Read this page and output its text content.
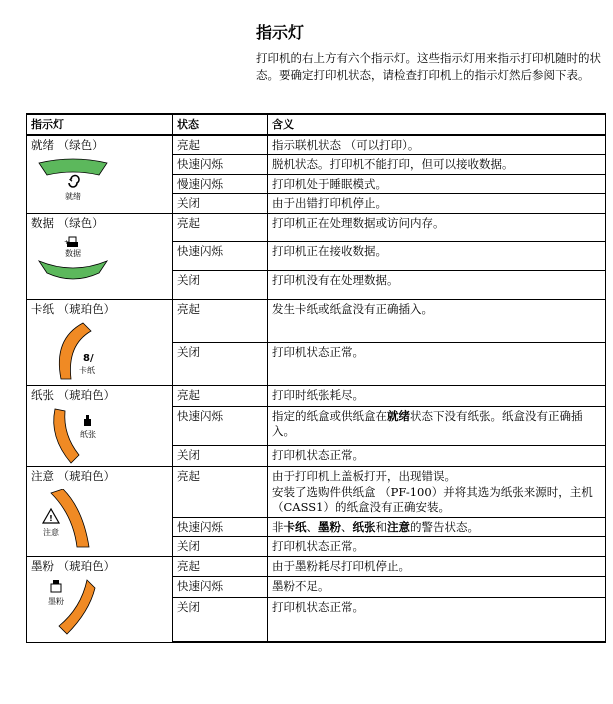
指示灯
打印机的右上方有六个指示灯。这些指示灯用来指示打印机随时的状态。要确定打印机状态，请检查打印机上的指示灯然后参阅下表。
指示灯	状态	含义

就绪 （绿色）
就绪	亮起	指示联机状态 （可以打印）。
	快速闪烁	脱机状态。打印机不能打印，但可以接收数据。
	慢速闪烁	打印机处于睡眠模式。
	关闭	由于出错打印机停止。

数据 （绿色）
+
数据	亮起	打印机正在处理数据或访问内存。
	快速闪烁	打印机正在接收数据。
	关闭	打印机没有在处理数据。

卡纸 （琥珀色）
8/
卡纸	亮起	发生卡纸或纸盒没有正确插入。
	关闭	打印机状态正常。

纸张 （琥珀色）
纸张	亮起	打印时纸张耗尽。
	快速闪烁	指定的纸盒或供纸盒在就绪状态下没有纸张。纸盒没有正确插入。
	关闭	打印机状态正常。

注意 （琥珀色）
!
注意	亮起	由于打印机上盖板打开，出现错误。
安装了选购件供纸盒 （PF-100）并将其选为纸张来源时，主机 （CASS1）的纸盒没有正确安装。
	快速闪烁	非卡纸、墨粉、纸张和注意的警告状态。
	关闭	打印机状态正常。

墨粉 （琥珀色）
墨粉	亮起	由于墨粉耗尽打印机停止。
	快速闪烁	墨粉不足。
	关闭	打印机状态正常。
